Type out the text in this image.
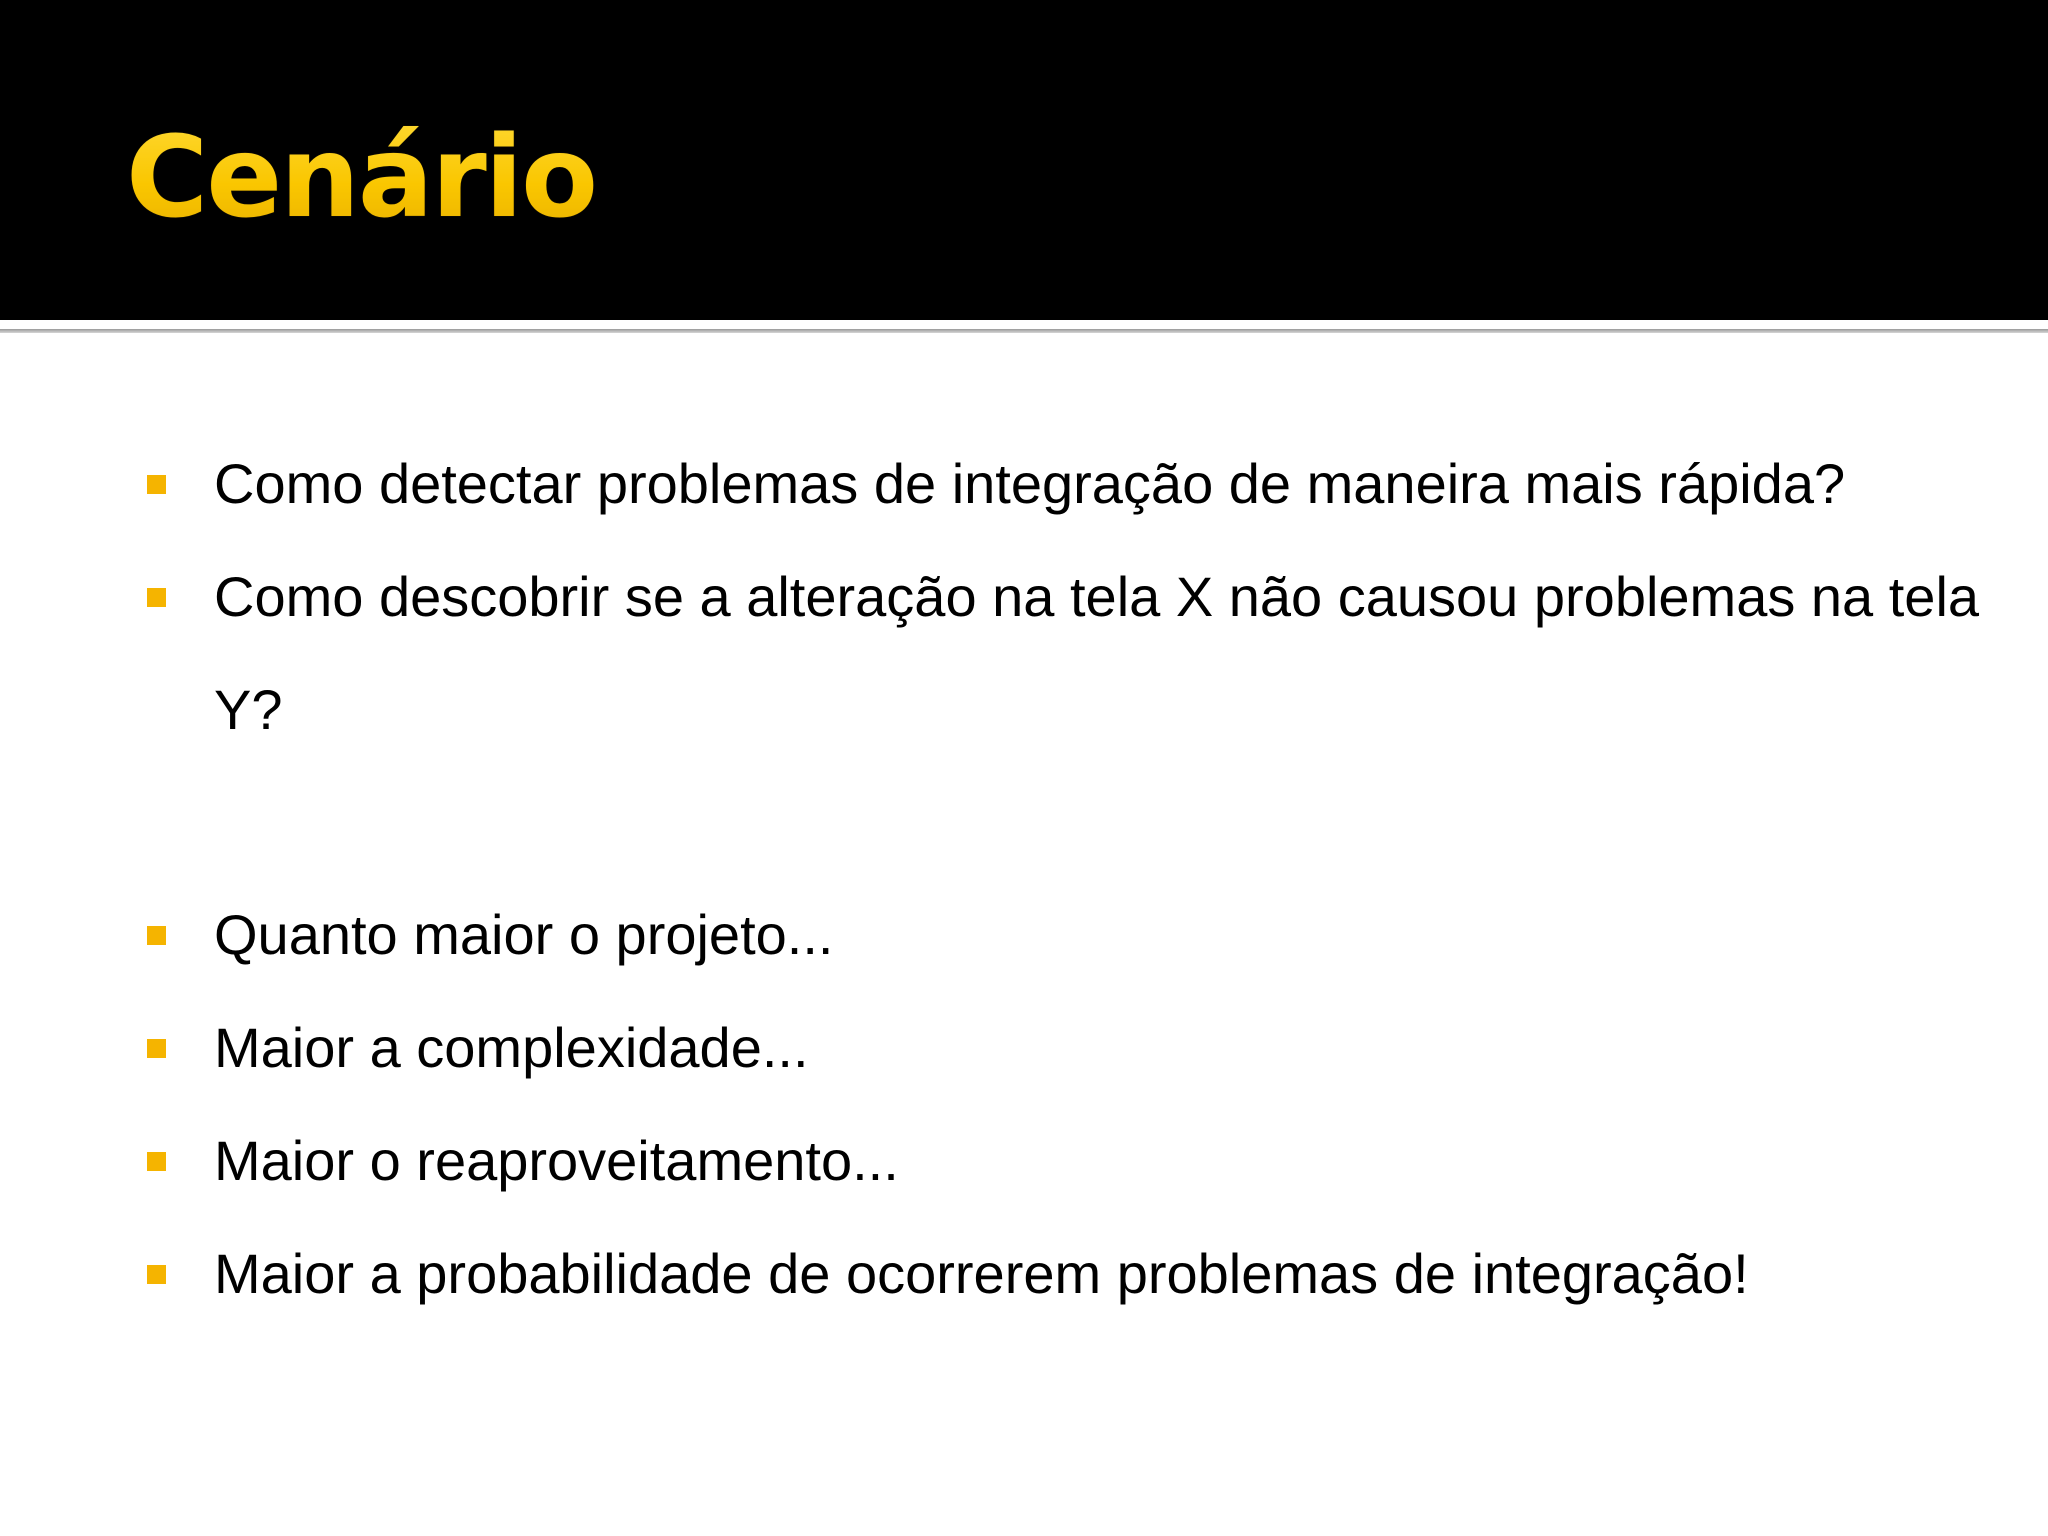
Cenário
Como detectar problemas de integração de maneira mais rápida?
Como descobrir se a alteração na tela X não causou problemas na tela Y?
Quanto maior o projeto...
Maior a complexidade...
Maior o reaproveitamento...
Maior a probabilidade de ocorrerem problemas de integração!
